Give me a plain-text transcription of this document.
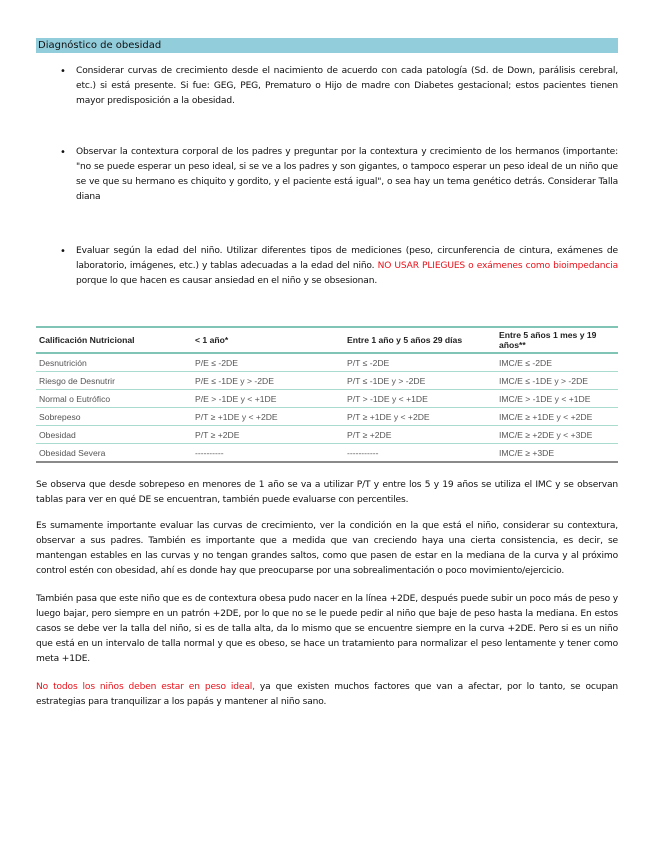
Diagnóstico de obesidad
• Considerar curvas de crecimiento desde el nacimiento de acuerdo con cada patología (Sd. de Down, parálisis cerebral, etc.) si está presente. Si fue: GEG, PEG, Prematuro o Hijo de madre con Diabetes gestacional; estos pacientes tienen mayor predisposición a la obesidad.
• Observar la contextura corporal de los padres y preguntar por la contextura y crecimiento de los hermanos (importante: "no se puede esperar un peso ideal, si se ve a los padres y son gigantes, o tampoco esperar un peso ideal de un niño que se ve que su hermano es chiquito y gordito, y el paciente está igual", o sea hay un tema genético detrás. Considerar Talla diana
• Evaluar según la edad del niño. Utilizar diferentes tipos de mediciones (peso, circunferencia de cintura, exámenes de laboratorio, imágenes, etc.) y tablas adecuadas a la edad del niño. NO USAR PLIEGUES o exámenes como bioimpedancia porque lo que hacen es causar ansiedad en el niño y se obsesionan.
Calificación Nutricional	< 1 año*	Entre 1 año y 5 años 29 días	Entre 5 años 1 mes y 19 años**
Desnutrición	P/E ≤ -2DE	P/T ≤ -2DE	IMC/E ≤ -2DE
Riesgo de Desnutrir	P/E ≤ -1DE y > -2DE	P/T ≤ -1DE y > -2DE	IMC/E ≤ -1DE y > -2DE
Normal o Eutrófico	P/E > -1DE y < +1DE	P/T > -1DE y < +1DE	IMC/E > -1DE y < +1DE
Sobrepeso	P/T ≥ +1DE y < +2DE	P/T ≥ +1DE y < +2DE	IMC/E ≥ +1DE y < +2DE
Obesidad	P/T ≥ +2DE	P/T ≥ +2DE	IMC/E ≥ +2DE y < +3DE
Obesidad Severa	----------	-----------	IMC/E ≥ +3DE

Se observa que desde sobrepeso en menores de 1 año se va a utilizar P/T y entre los 5 y 19 años se utiliza el IMC y se observan tablas para ver en qué DE se encuentran, también puede evaluarse con percentiles.

Es sumamente importante evaluar las curvas de crecimiento, ver la condición en la que está el niño, considerar su contextura, observar a sus padres. También es importante que a medida que van creciendo haya una cierta consistencia, es decir, se mantengan estables en las curvas y no tengan grandes saltos, como que pasen de estar en la mediana de la curva y al próximo control estén con obesidad, ahí es donde hay que preocuparse por una sobrealimentación o poco movimiento/ejercicio.

También pasa que este niño que es de contextura obesa pudo nacer en la línea +2DE, después puede subir un poco más de peso y luego bajar, pero siempre en un patrón +2DE, por lo que no se le puede pedir al niño que baje de peso hasta la mediana. En estos casos se debe ver la talla del niño, si es de talla alta, da lo mismo que se encuentre siempre en la curva +2DE. Pero si es un niño que está en un intervalo de talla normal y que es obeso, se hace un tratamiento para normalizar el peso lentamente y tener como meta +1DE.

No todos los niños deben estar en peso ideal, ya que existen muchos factores que van a afectar, por lo tanto, se ocupan estrategias para tranquilizar a los papás y mantener al niño sano.
